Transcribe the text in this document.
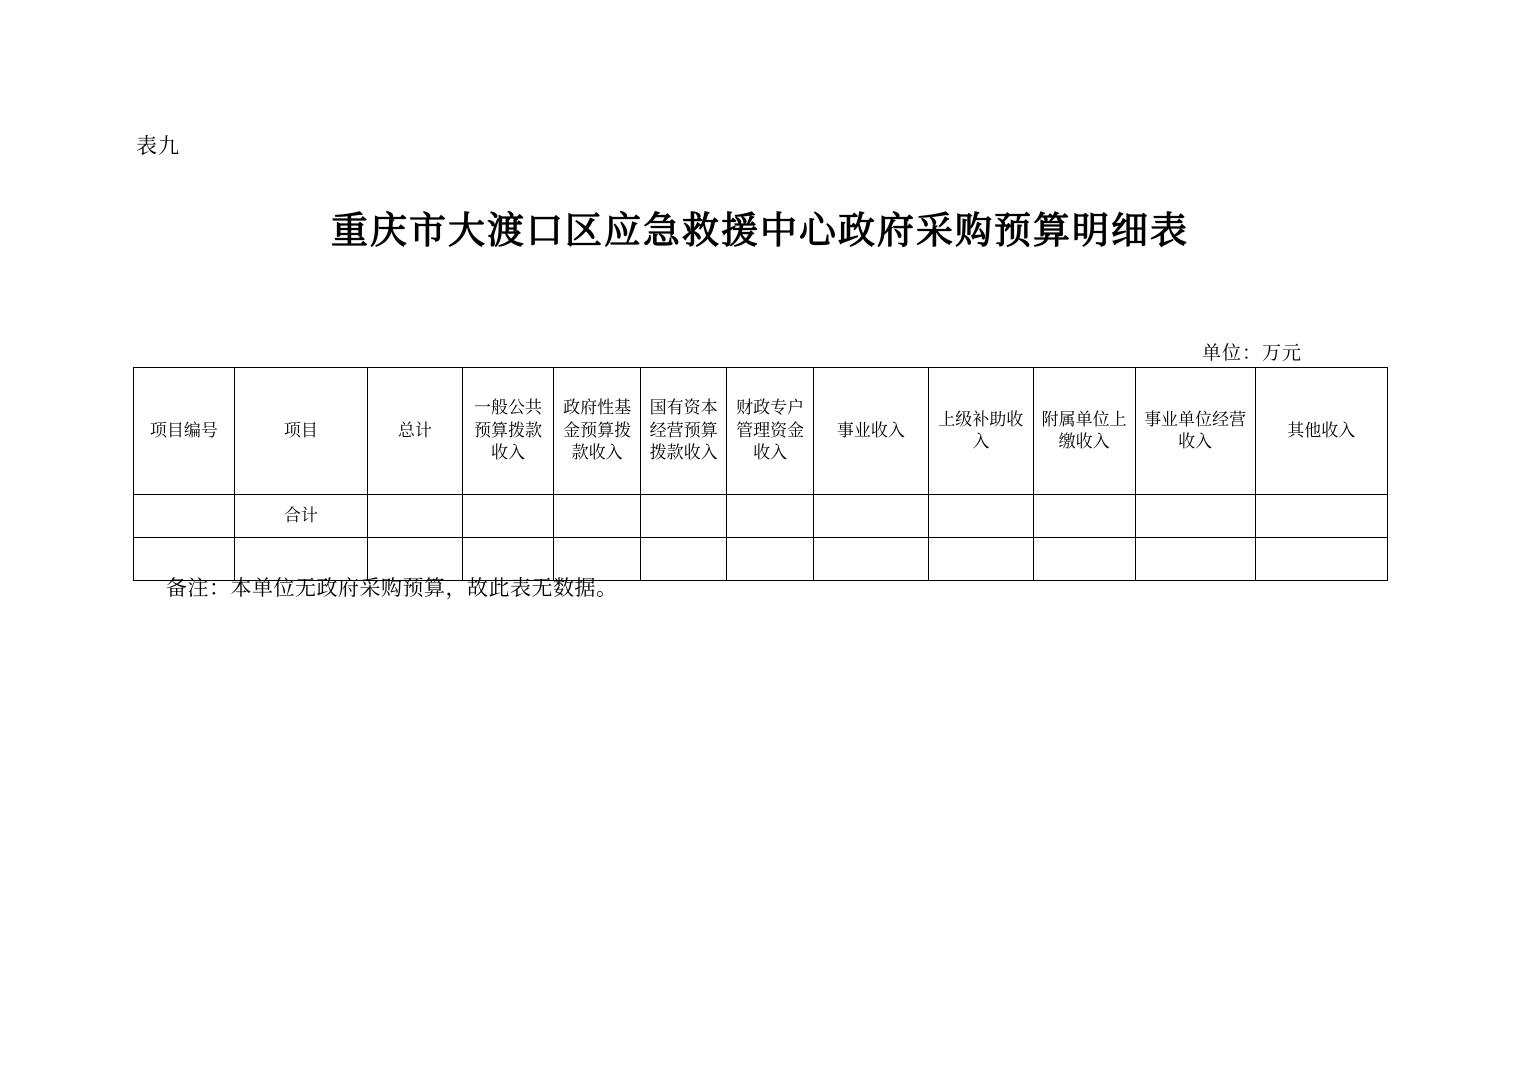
表九
重庆市大渡口区应急救援中心政府采购预算明细表
单位：万元
项目编号	项目	总计	一般公共预算拨款收入	政府性基金预算拨款收入	国有资本经营预算拨款收入	财政专户管理资金收入	事业收入	上级补助收入	附属单位上缴收入	事业单位经营收入	其他收入
	合计										

备注：本单位无政府采购预算，故此表无数据。
